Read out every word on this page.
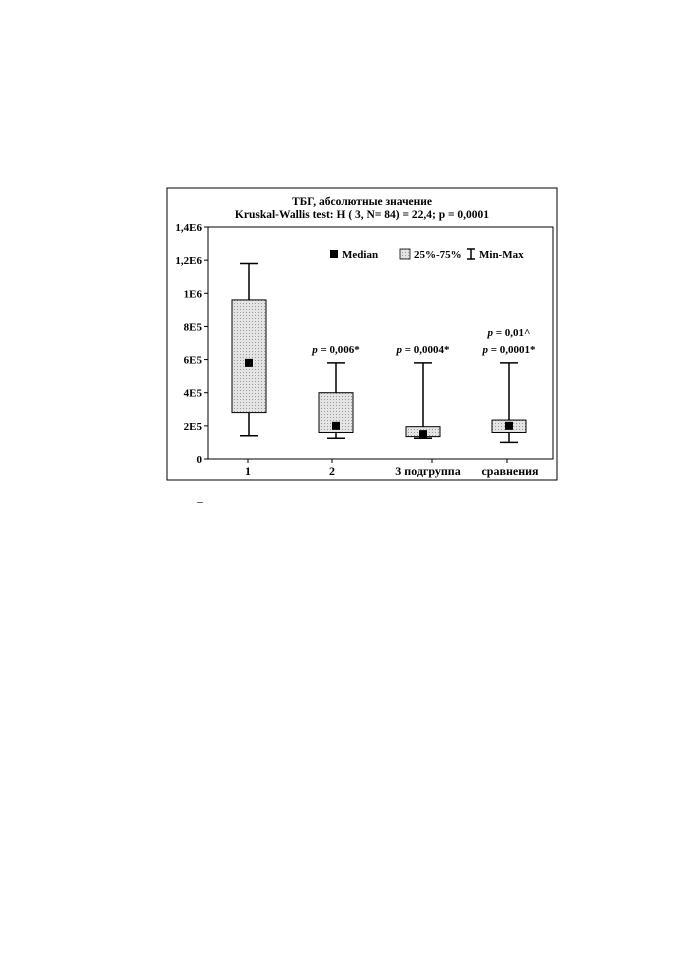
ТБГ, абсолютные значение
Kruskal-Wallis test: H ( 3, N= 84) = 22,4; p = 0,0001
0
2E5
4E5
6E5
8E5
1E6
1,2E6
1,4E6
1	2	3 подгруппа сравнения
p = 0,006*	p = 0,0004*
p = 0,01^
p = 0,0001*
Median	25%-75% Min-Max
–
